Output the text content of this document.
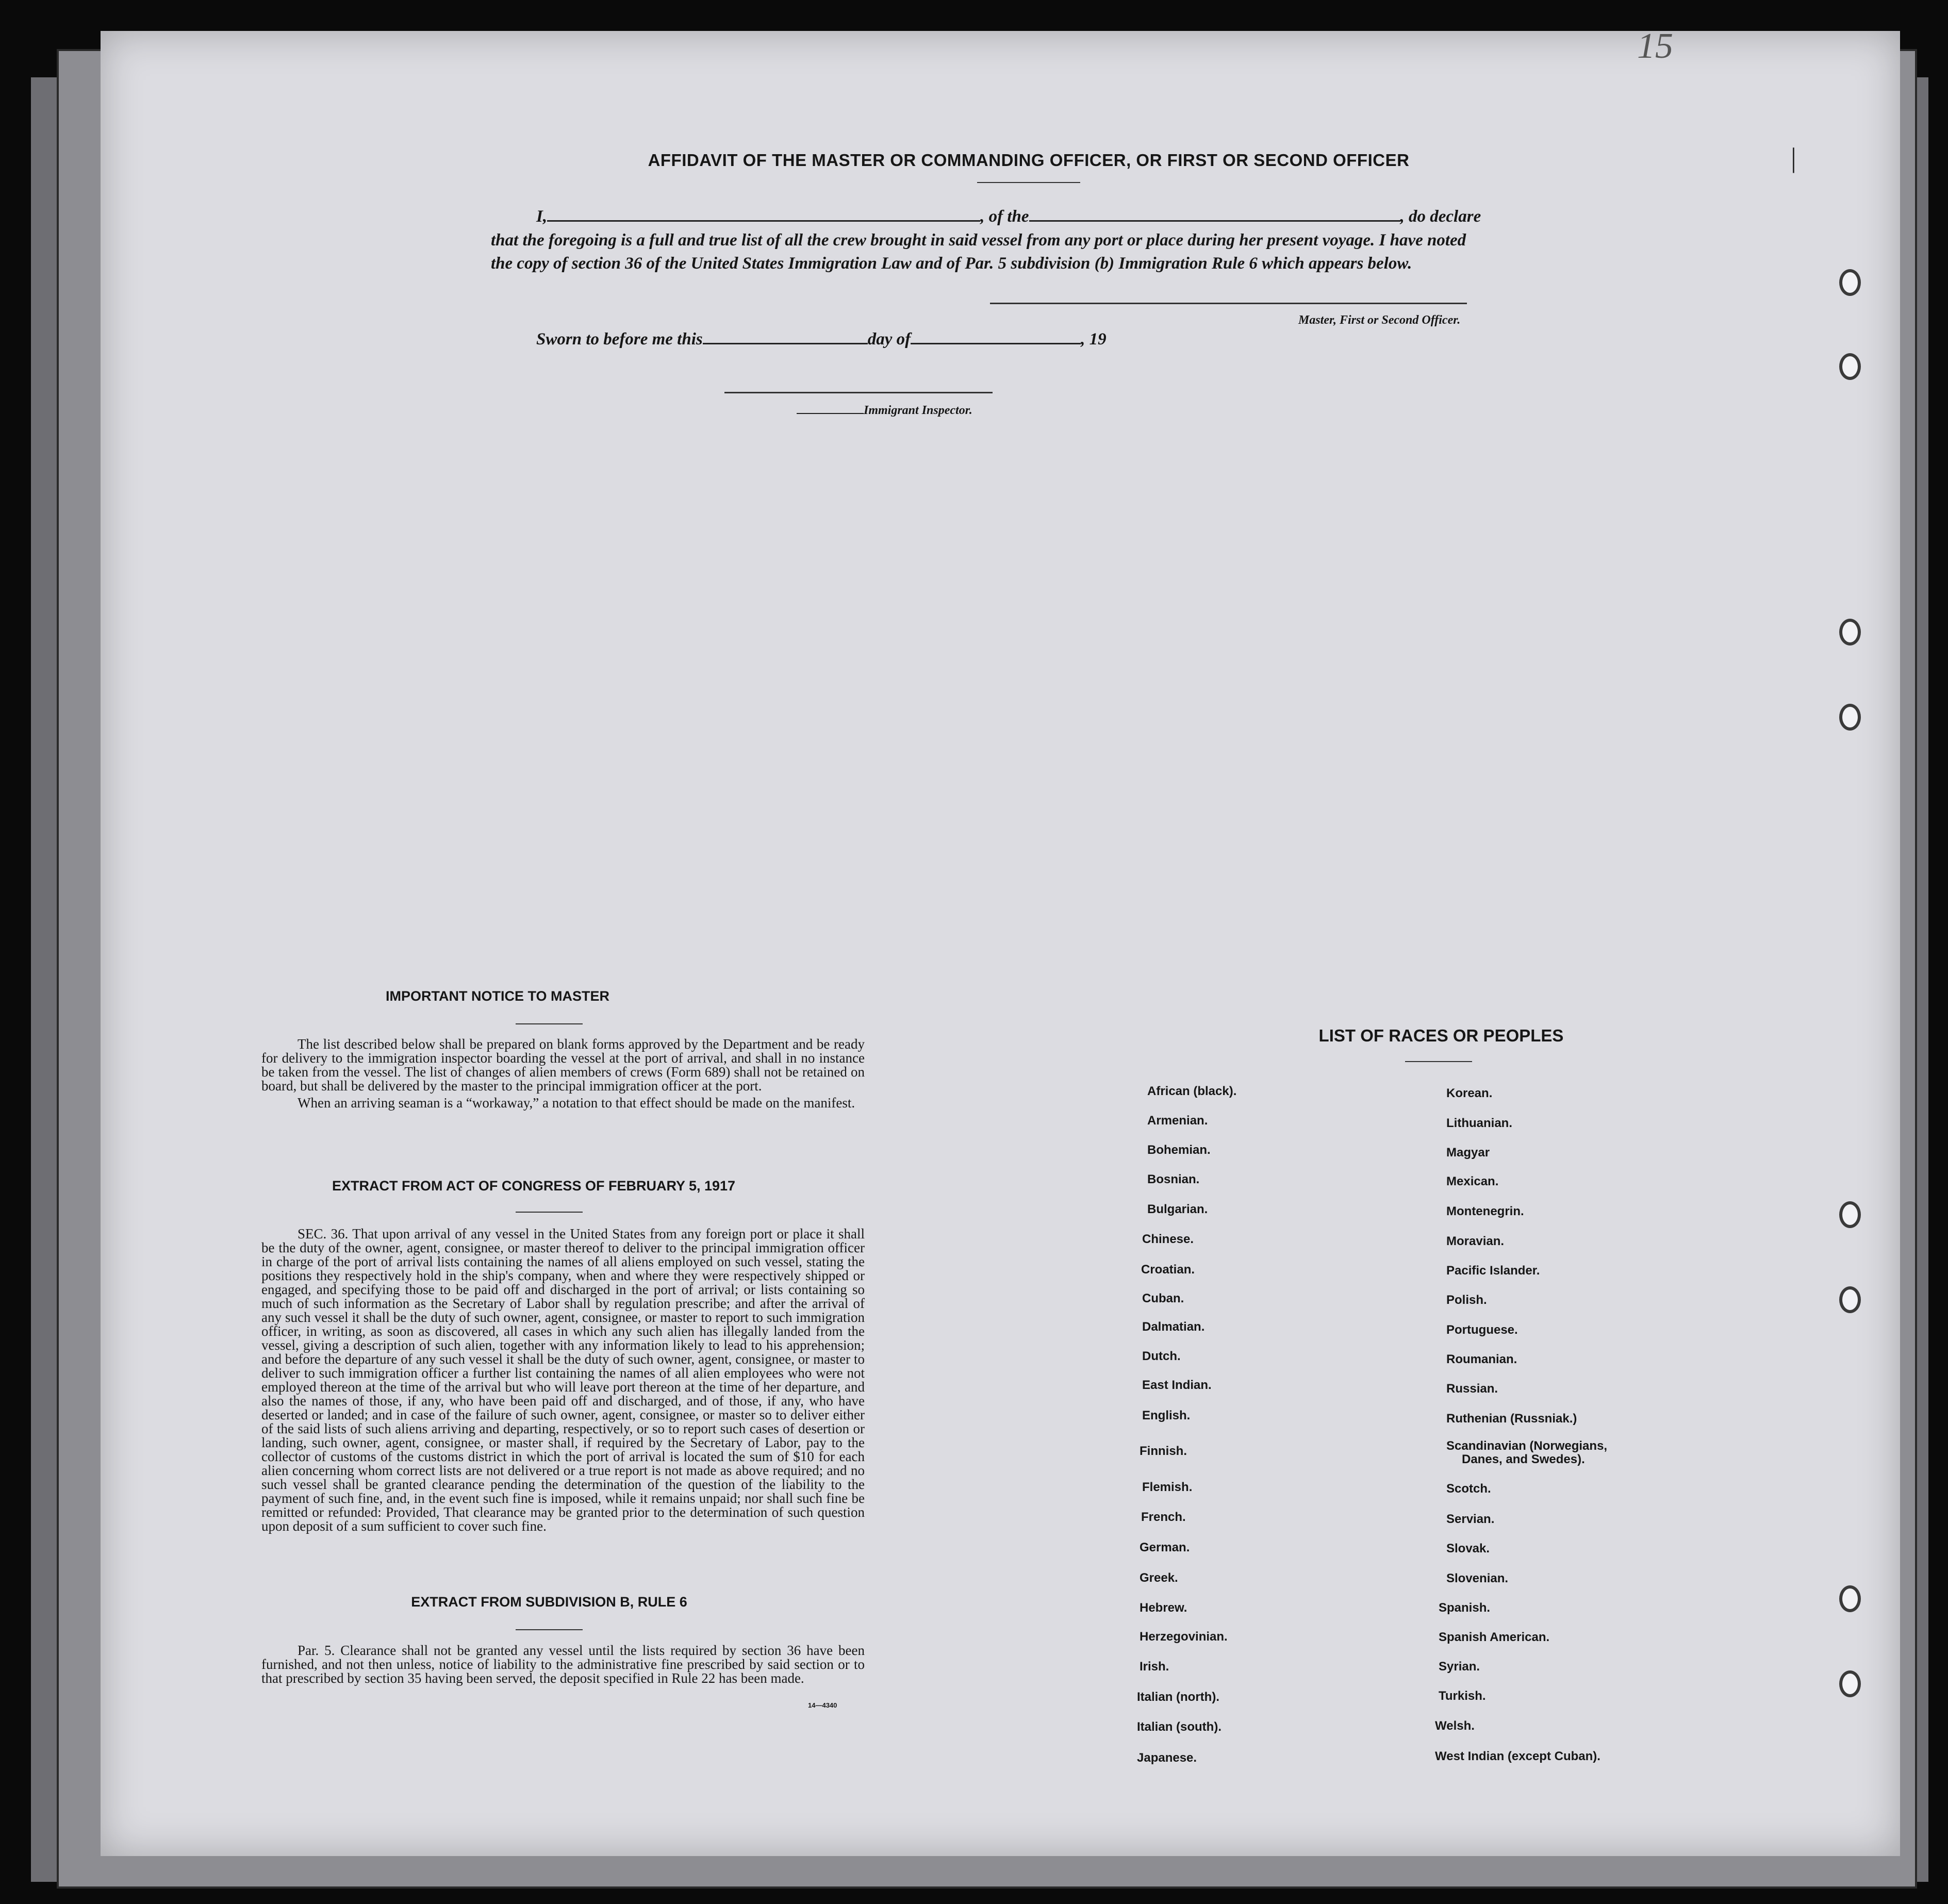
15
|
AFFIDAVIT OF THE MASTER OR COMMANDING OFFICER, OR FIRST OR SECOND OFFICER
I,	, of the	, do declare
that the foregoing is a full and true list of all the crew brought in said vessel from any port or place during her present voyage. I have noted
the copy of section 36 of the United States Immigration Law and of Par. 5 subdivision (b) Immigration Rule 6 which appears below.
Master, First or Second Officer.
Sworn to before me this	day of	, 19
Immigrant Inspector.
IMPORTANT NOTICE TO MASTER

The list described below shall be prepared on blank forms approved by the Department and be ready for delivery to the immigration inspector boarding the vessel at the port of arrival, and shall in no instance be taken from the vessel. The list of changes of alien members of crews (Form 689) shall not be retained on board, but shall be delivered by the master to the principal immigration officer at the port.

When an arriving seaman is a “workaway,” a notation to that effect should be made on the manifest.

EXTRACT FROM ACT OF CONGRESS OF FEBRUARY 5, 1917

SEC. 36. That upon arrival of any vessel in the United States from any foreign port or place it shall be the duty of the owner, agent, consignee, or master thereof to deliver to the principal immigration officer in charge of the port of arrival lists containing the names of all aliens employed on such vessel, stating the positions they respectively hold in the ship's company, when and where they were respectively shipped or engaged, and specifying those to be paid off and discharged in the port of arrival; or lists containing so much of such information as the Secretary of Labor shall by regulation prescribe; and after the arrival of any such vessel it shall be the duty of such owner, agent, consignee, or master to report to such immigration officer, in writing, as soon as discovered, all cases in which any such alien has illegally landed from the vessel, giving a description of such alien, together with any information likely to lead to his apprehension; and before the departure of any such vessel it shall be the duty of such owner, agent, consignee, or master to deliver to such immigration officer a further list containing the names of all alien employees who were not employed thereon at the time of the arrival but who will leave port thereon at the time of her departure, and also the names of those, if any, who have been paid off and discharged, and of those, if any, who have deserted or landed; and in case of the failure of such owner, agent, consignee, or master so to deliver either of the said lists of such aliens arriving and departing, respectively, or so to report such cases of desertion or landing, such owner, agent, consignee, or master shall, if required by the Secretary of Labor, pay to the collector of customs of the customs district in which the port of arrival is located the sum of $10 for each alien concerning whom correct lists are not delivered or a true report is not made as above required; and no such vessel shall be granted clearance pending the determination of the question of the liability to the payment of such fine, and, in the event such fine is imposed, while it remains unpaid; nor shall such fine be remitted or refunded: Provided, That clearance may be granted prior to the determination of such question upon deposit of a sum sufficient to cover such fine.

EXTRACT FROM SUBDIVISION B, RULE 6

Par. 5. Clearance shall not be granted any vessel until the lists required by section 36 have been furnished, and not then unless, notice of liability to the administrative fine prescribed by said section or to that prescribed by section 35 having been served, the deposit specified in Rule 22 has been made.

14—4340
LIST OF RACES OR PEOPLES
African (black).
Armenian.
Bohemian.
Bosnian.
Bulgarian.
Chinese.
Croatian.
Cuban.
Dalmatian.
Dutch.
East Indian.
English.
Finnish.
Flemish.
French.
German.
Greek.
Hebrew.
Herzegovinian.
Irish.
Italian (north).
Italian (south).
Japanese.
Korean.
Lithuanian.
Magyar
Mexican.
Montenegrin.
Moravian.
Pacific Islander.
Polish.
Portuguese.
Roumanian.
Russian.
Ruthenian (Russniak.)
Scandinavian (Norwegians,
Danes, and Swedes).
Scotch.
Servian.
Slovak.
Slovenian.
Spanish.
Spanish American.
Syrian.
Turkish.
Welsh.
West Indian (except Cuban).
